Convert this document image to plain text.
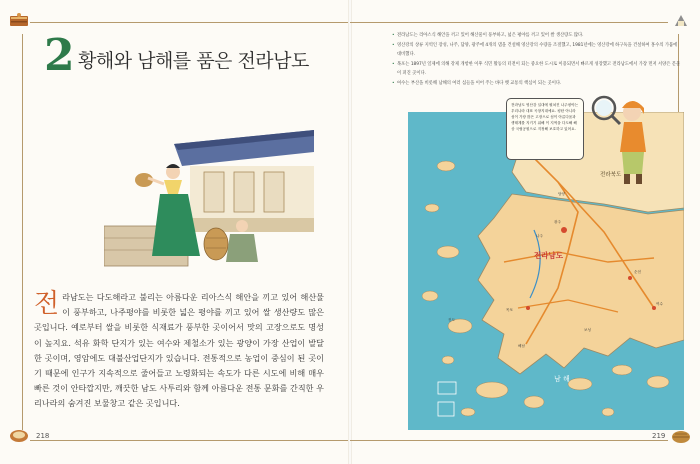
2 황해와 남해를 품은 전라남도

전라남도는 다도해라고 불리는 아름다운 리아스식 해안을 끼고 있어 해산물이 풍부하고, 나주평야를 비롯한 넓은 평야를 끼고 있어 쌀 생산량도 많은 곳입니다. 예로부터 쌀을 비롯한 식재료가 풍부한 곳이어서 맛의 고장으로도 명성이 높지요. 석유 화학 단지가 있는 여수와 제철소가 있는 광양이 가장 산업이 발달한 곳이며, 영암에도 대불산업단지가 있습니다. 전통적으로 농업이 중심이 된 곳이기 때문에 인구가 지속적으로 줄어들고 노령화되는 속도가 다른 시도에 비해 매우 빠른 것이 안타깝지만, 깨끗한 남도 사투리와 함께 아름다운 전통 문화를 간직한 우리나라의 숨겨진 보물창고 같은 곳입니다.

218
• 전라남도는 리아스식 해안을 끼고 있어 해산물이 풍부하고, 넓은 평야를 끼고 있어 쌀 생산량도 많다.
• 영산강의 상류 지역인 장성, 나주, 담양, 광주에 4개의 댐을 건설해 영산강의 수량을 조절했고, 1981년에는 영산강에 하구둑을 건설하여 홍수의 가뭄에 대비했다.
• 목포는 1897년 일제에 의해 강제 개항한 이후 식민 활동의 터전이 되는 중요한 도시로 이용되면서 빠르게 성장했고 전라남도에서 가장 먼저 서양은 문물이 퍼진 곳이다.
• 여수는 부산을 비롯해 남해의 여러 섬들을 이어 주는 바다 뱃 교통의 핵심이 되는 곳이다.
전라북도
전라남도
남 해
광주
목포
순천
여수
나주
담양
해남
진도
보성
전라남도 영산강 일대에 펼쳐진 나주평야는 우리나라 대표 곡창지대예요. 평탄 아니라 섬이 가장 많은 고장으로 섬이 아름다움과 생태계를 지키기 위해 이 지역을 다도해 해상 국립공원으로 지정해 보호하고 있어요.
219
